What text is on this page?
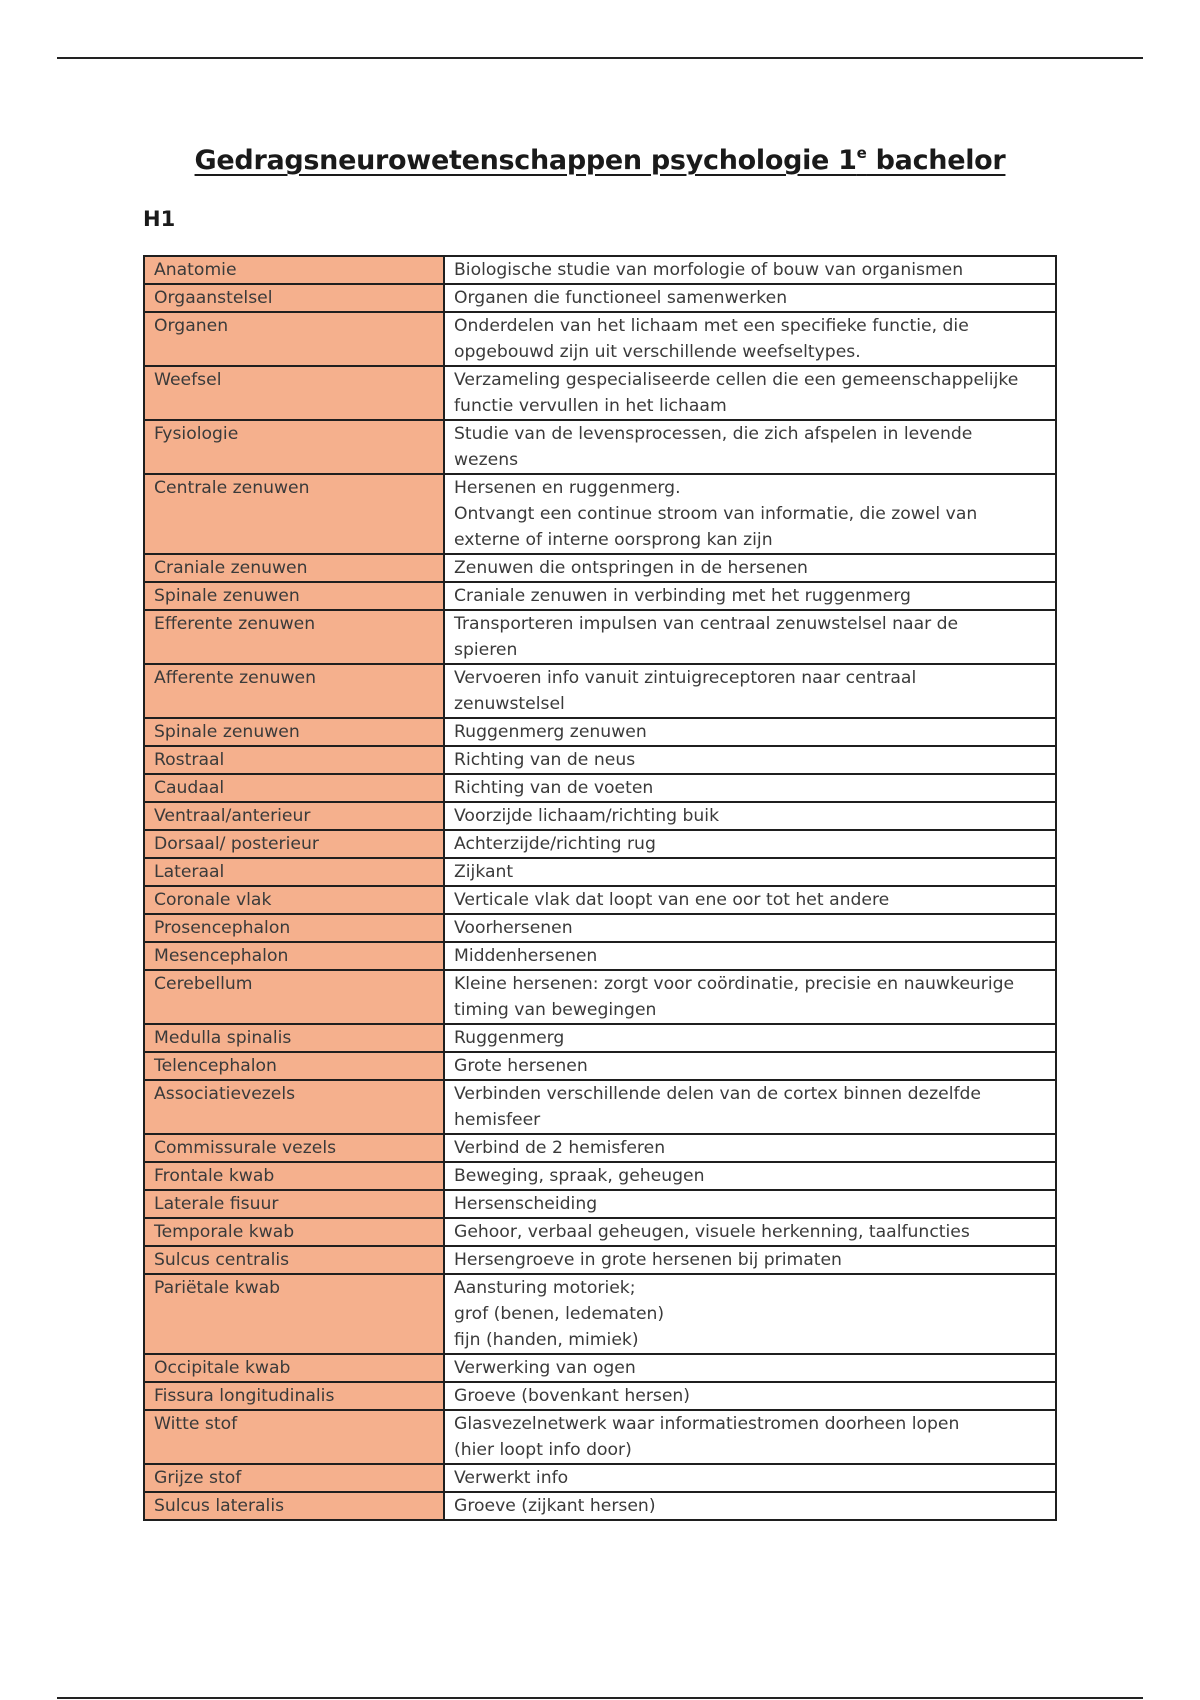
Gedragsneurowetenschappen psychologie 1e bachelor
H1
Anatomie	Biologische studie van morfologie of bouw van organismen

Orgaanstelsel	Organen die functioneel samenwerken

Organen	Onderdelen van het lichaam met een specifieke functie, die
opgebouwd zijn uit verschillende weefseltypes.

Weefsel	Verzameling gespecialiseerde cellen die een gemeenschappelijke
functie vervullen in het lichaam

Fysiologie	Studie van de levensprocessen, die zich afspelen in levende
wezens

Centrale zenuwen	Hersenen en ruggenmerg.
Ontvangt een continue stroom van informatie, die zowel van
externe of interne oorsprong kan zijn

Craniale zenuwen	Zenuwen die ontspringen in de hersenen

Spinale zenuwen	Craniale zenuwen in verbinding met het ruggenmerg

Efferente zenuwen	Transporteren impulsen van centraal zenuwstelsel naar de
spieren

Afferente zenuwen	Vervoeren info vanuit zintuigreceptoren naar centraal
zenuwstelsel

Spinale zenuwen	Ruggenmerg zenuwen

Rostraal	Richting van de neus

Caudaal	Richting van de voeten

Ventraal/anterieur	Voorzijde lichaam/richting buik

Dorsaal/ posterieur	Achterzijde/richting rug

Lateraal	Zijkant

Coronale vlak	Verticale vlak dat loopt van ene oor tot het andere

Prosencephalon	Voorhersenen

Mesencephalon	Middenhersenen

Cerebellum	Kleine hersenen: zorgt voor coördinatie, precisie en nauwkeurige
timing van bewegingen

Medulla spinalis	Ruggenmerg

Telencephalon	Grote hersenen

Associatievezels	Verbinden verschillende delen van de cortex binnen dezelfde
hemisfeer

Commissurale vezels	Verbind de 2 hemisferen

Frontale kwab	Beweging, spraak, geheugen

Laterale fisuur	Hersenscheiding

Temporale kwab	Gehoor, verbaal geheugen, visuele herkenning, taalfuncties

Sulcus centralis	Hersengroeve in grote hersenen bij primaten

Pariëtale kwab	Aansturing motoriek;
grof (benen, ledematen)
fijn (handen, mimiek)

Occipitale kwab	Verwerking van ogen

Fissura longitudinalis	Groeve (bovenkant hersen)

Witte stof	Glasvezelnetwerk waar informatiestromen doorheen lopen
(hier loopt info door)

Grijze stof	Verwerkt info

Sulcus lateralis	Groeve (zijkant hersen)
